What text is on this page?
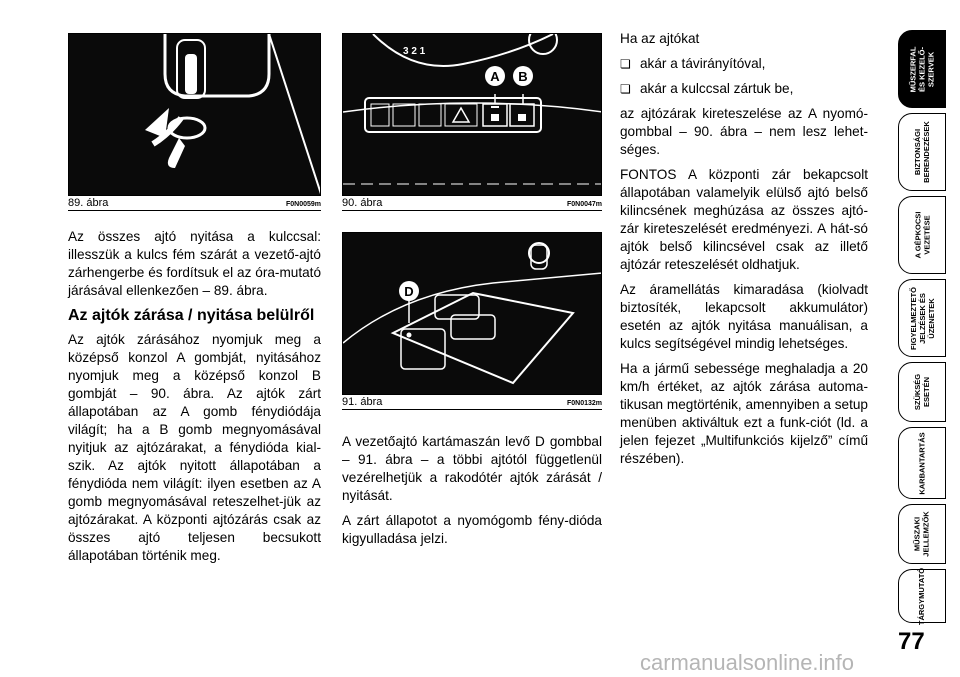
89. ábra	F0N0059m
3 2 1
A B
90. ábra	F0N0047m
D
91. ábra	F0N0132m

Az összes ajtó nyitása a kulccsal: illesszük a kulcs fém szárát a vezető-ajtó zárhengerbe és fordítsuk el az óra-mutató járásával ellenkezően – 89. ábra.

Az ajtók zárása / nyitása belülről

Az ajtók zárásához nyomjuk meg a középső konzol A gombját, nyitásához nyomjuk meg a középső konzol B gombját – 90. ábra. Az ajtók zárt állapotában az A gomb fénydiódája világít; ha a B gomb megnyomásával nyitjuk az ajtózárakat, a fénydióda kial-szik. Az ajtók nyitott állapotában a fénydióda nem világít: ilyen esetben az A gomb megnyomásával reteszelhet-jük az ajtózárakat. A központi ajtózárás csak az összes ajtó teljesen becsukott állapotában történik meg.

A vezetőajtó kartámaszán levő D gombbal – 91. ábra – a többi ajtótól függetlenül vezérelhetjük a rakodótér ajtók zárását / nyitását.

A zárt állapotot a nyomógomb fény-dióda kigyulladása jelzi.

Ha az ajtókat

❏ akár a távirányítóval,

❏ akár a kulccsal zártuk be,

az ajtózárak kireteszelése az A nyomó-gombbal – 90. ábra – nem lesz lehet-séges.

FONTOS A központi zár bekapcsolt állapotában valamelyik elülső ajtó belső kilincsének meghúzása az összes ajtó-zár kireteszelését eredményezi. A hát-só ajtók belső kilincsével csak az illető ajtózár reteszelését oldhatjuk.

Az áramellátás kimaradása (kiolvadt biztosíték, lekapcsolt akkumulátor) esetén az ajtók nyitása manuálisan, a kulcs segítségével mindig lehetséges.

Ha a jármű sebessége meghaladja a 20 km/h értéket, az ajtók zárása automa-tikusan megtörténik, amennyiben a setup menüben aktiváltuk ezt a funk-ciót (ld. a jelen fejezet „Multifunkciós kijelző” című részében).

MŰSZERFAL
ÉS KEZELŐ-
SZERVEK
BIZTONSÁGI
BERENDEZÉSEK
A GÉPKOCSI
VEZETÉSE
FIGYELMEZTETŐ
JELZÉSEK ÉS
ÜZENETEK
SZÜKSÉG
ESETÉN
KARBANTARTÁS
MŰSZAKI
JELLEMZŐK
TÁRGYMUTATÓ
77
carmanualsonline.info
